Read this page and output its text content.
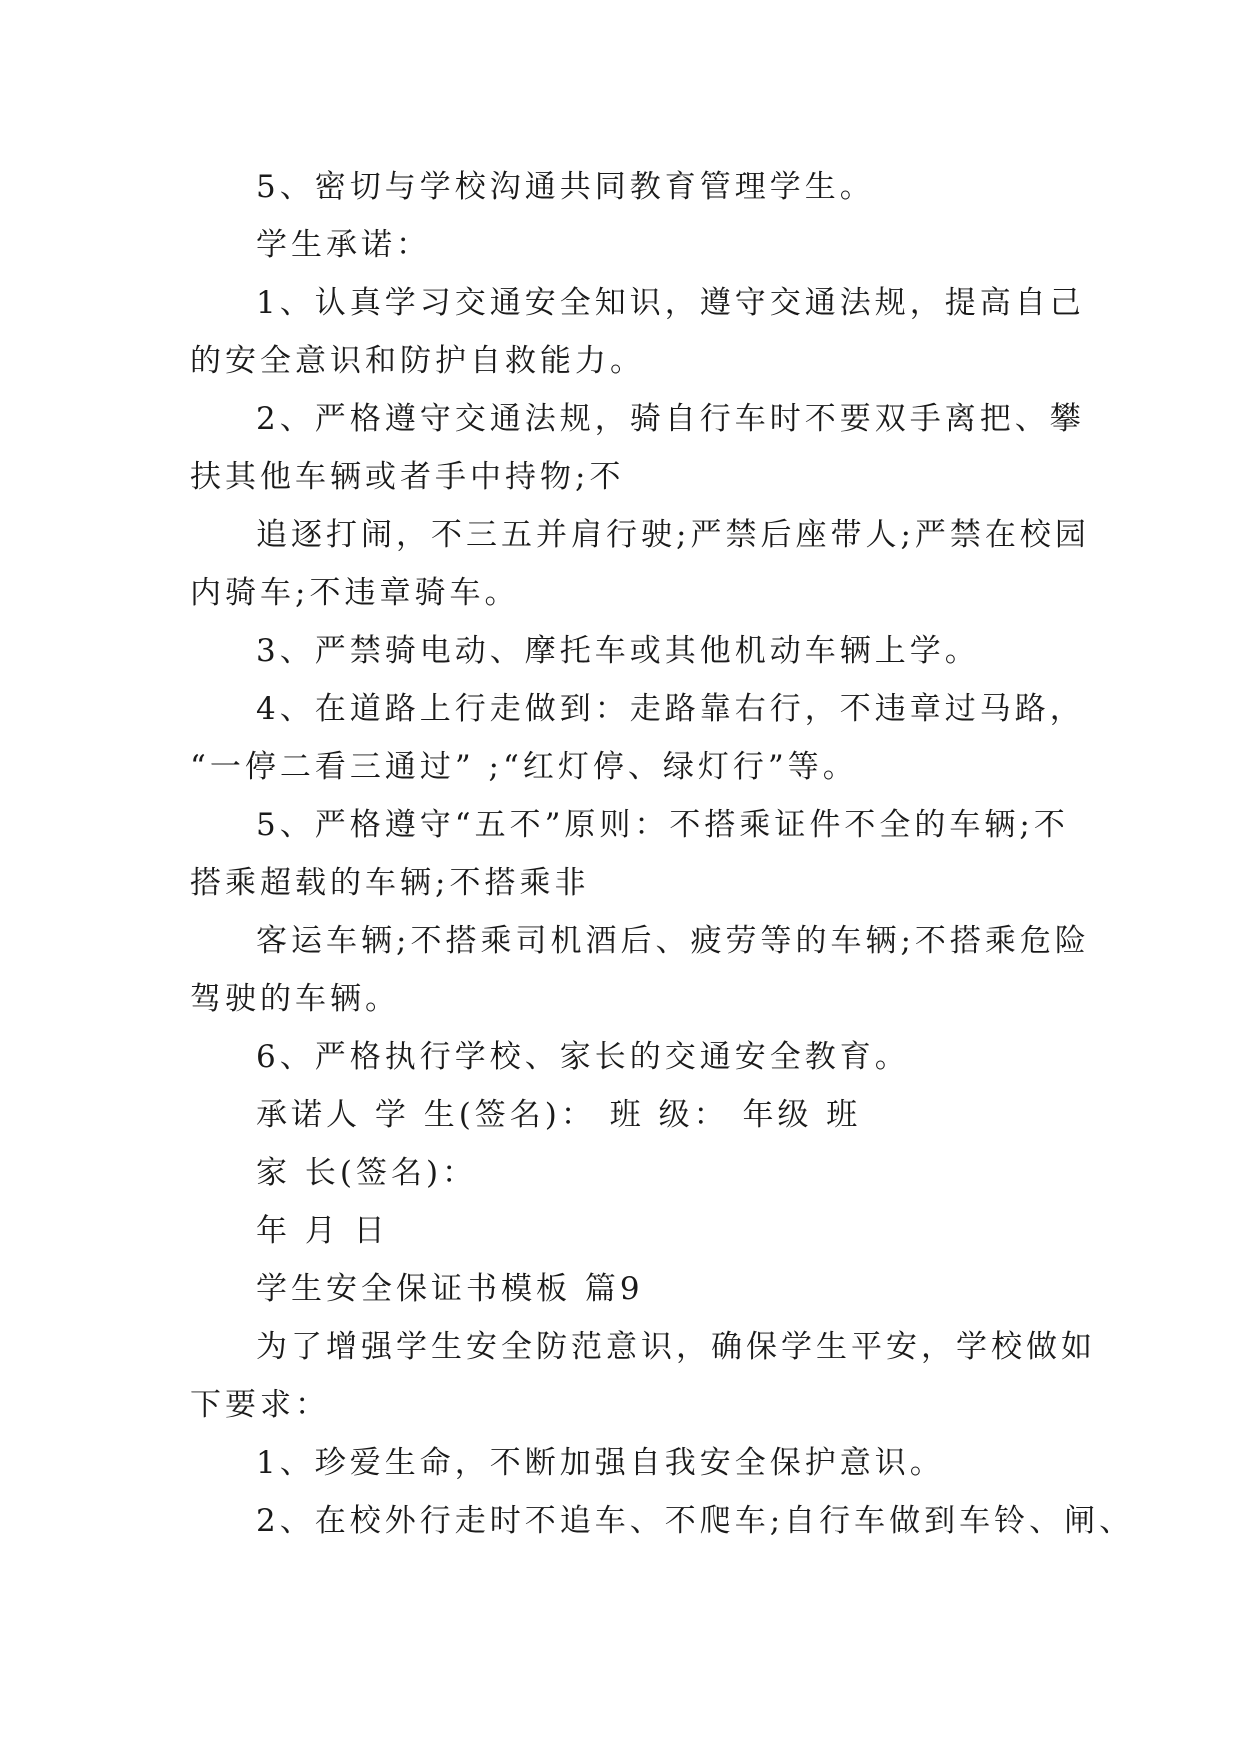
5、密切与学校沟通共同教育管理学生。
学生承诺：
1、认真学习交通安全知识，遵守交通法规，提高自己
的安全意识和防护自救能力。
2、严格遵守交通法规，骑自行车时不要双手离把、攀
扶其他车辆或者手中持物;不
追逐打闹，不三五并肩行驶;严禁后座带人;严禁在校园
内骑车;不违章骑车。
3、严禁骑电动、摩托车或其他机动车辆上学。
4、在道路上行走做到：走路靠右行，不违章过马路，
“一停二看三通过” ;“红灯停、绿灯行”等。
5、严格遵守“五不”原则：不搭乘证件不全的车辆;不
搭乘超载的车辆;不搭乘非
客运车辆;不搭乘司机酒后、疲劳等的车辆;不搭乘危险
驾驶的车辆。
6、严格执行学校、家长的交通安全教育。
承诺人 学 生(签名)： 班 级： 年级 班
家 长(签名)：
年 月 日
学生安全保证书模板 篇9
为了增强学生安全防范意识，确保学生平安，学校做如
下要求：
1、珍爱生命，不断加强自我安全保护意识。
2、在校外行走时不追车、不爬车;自行车做到车铃、闸、
